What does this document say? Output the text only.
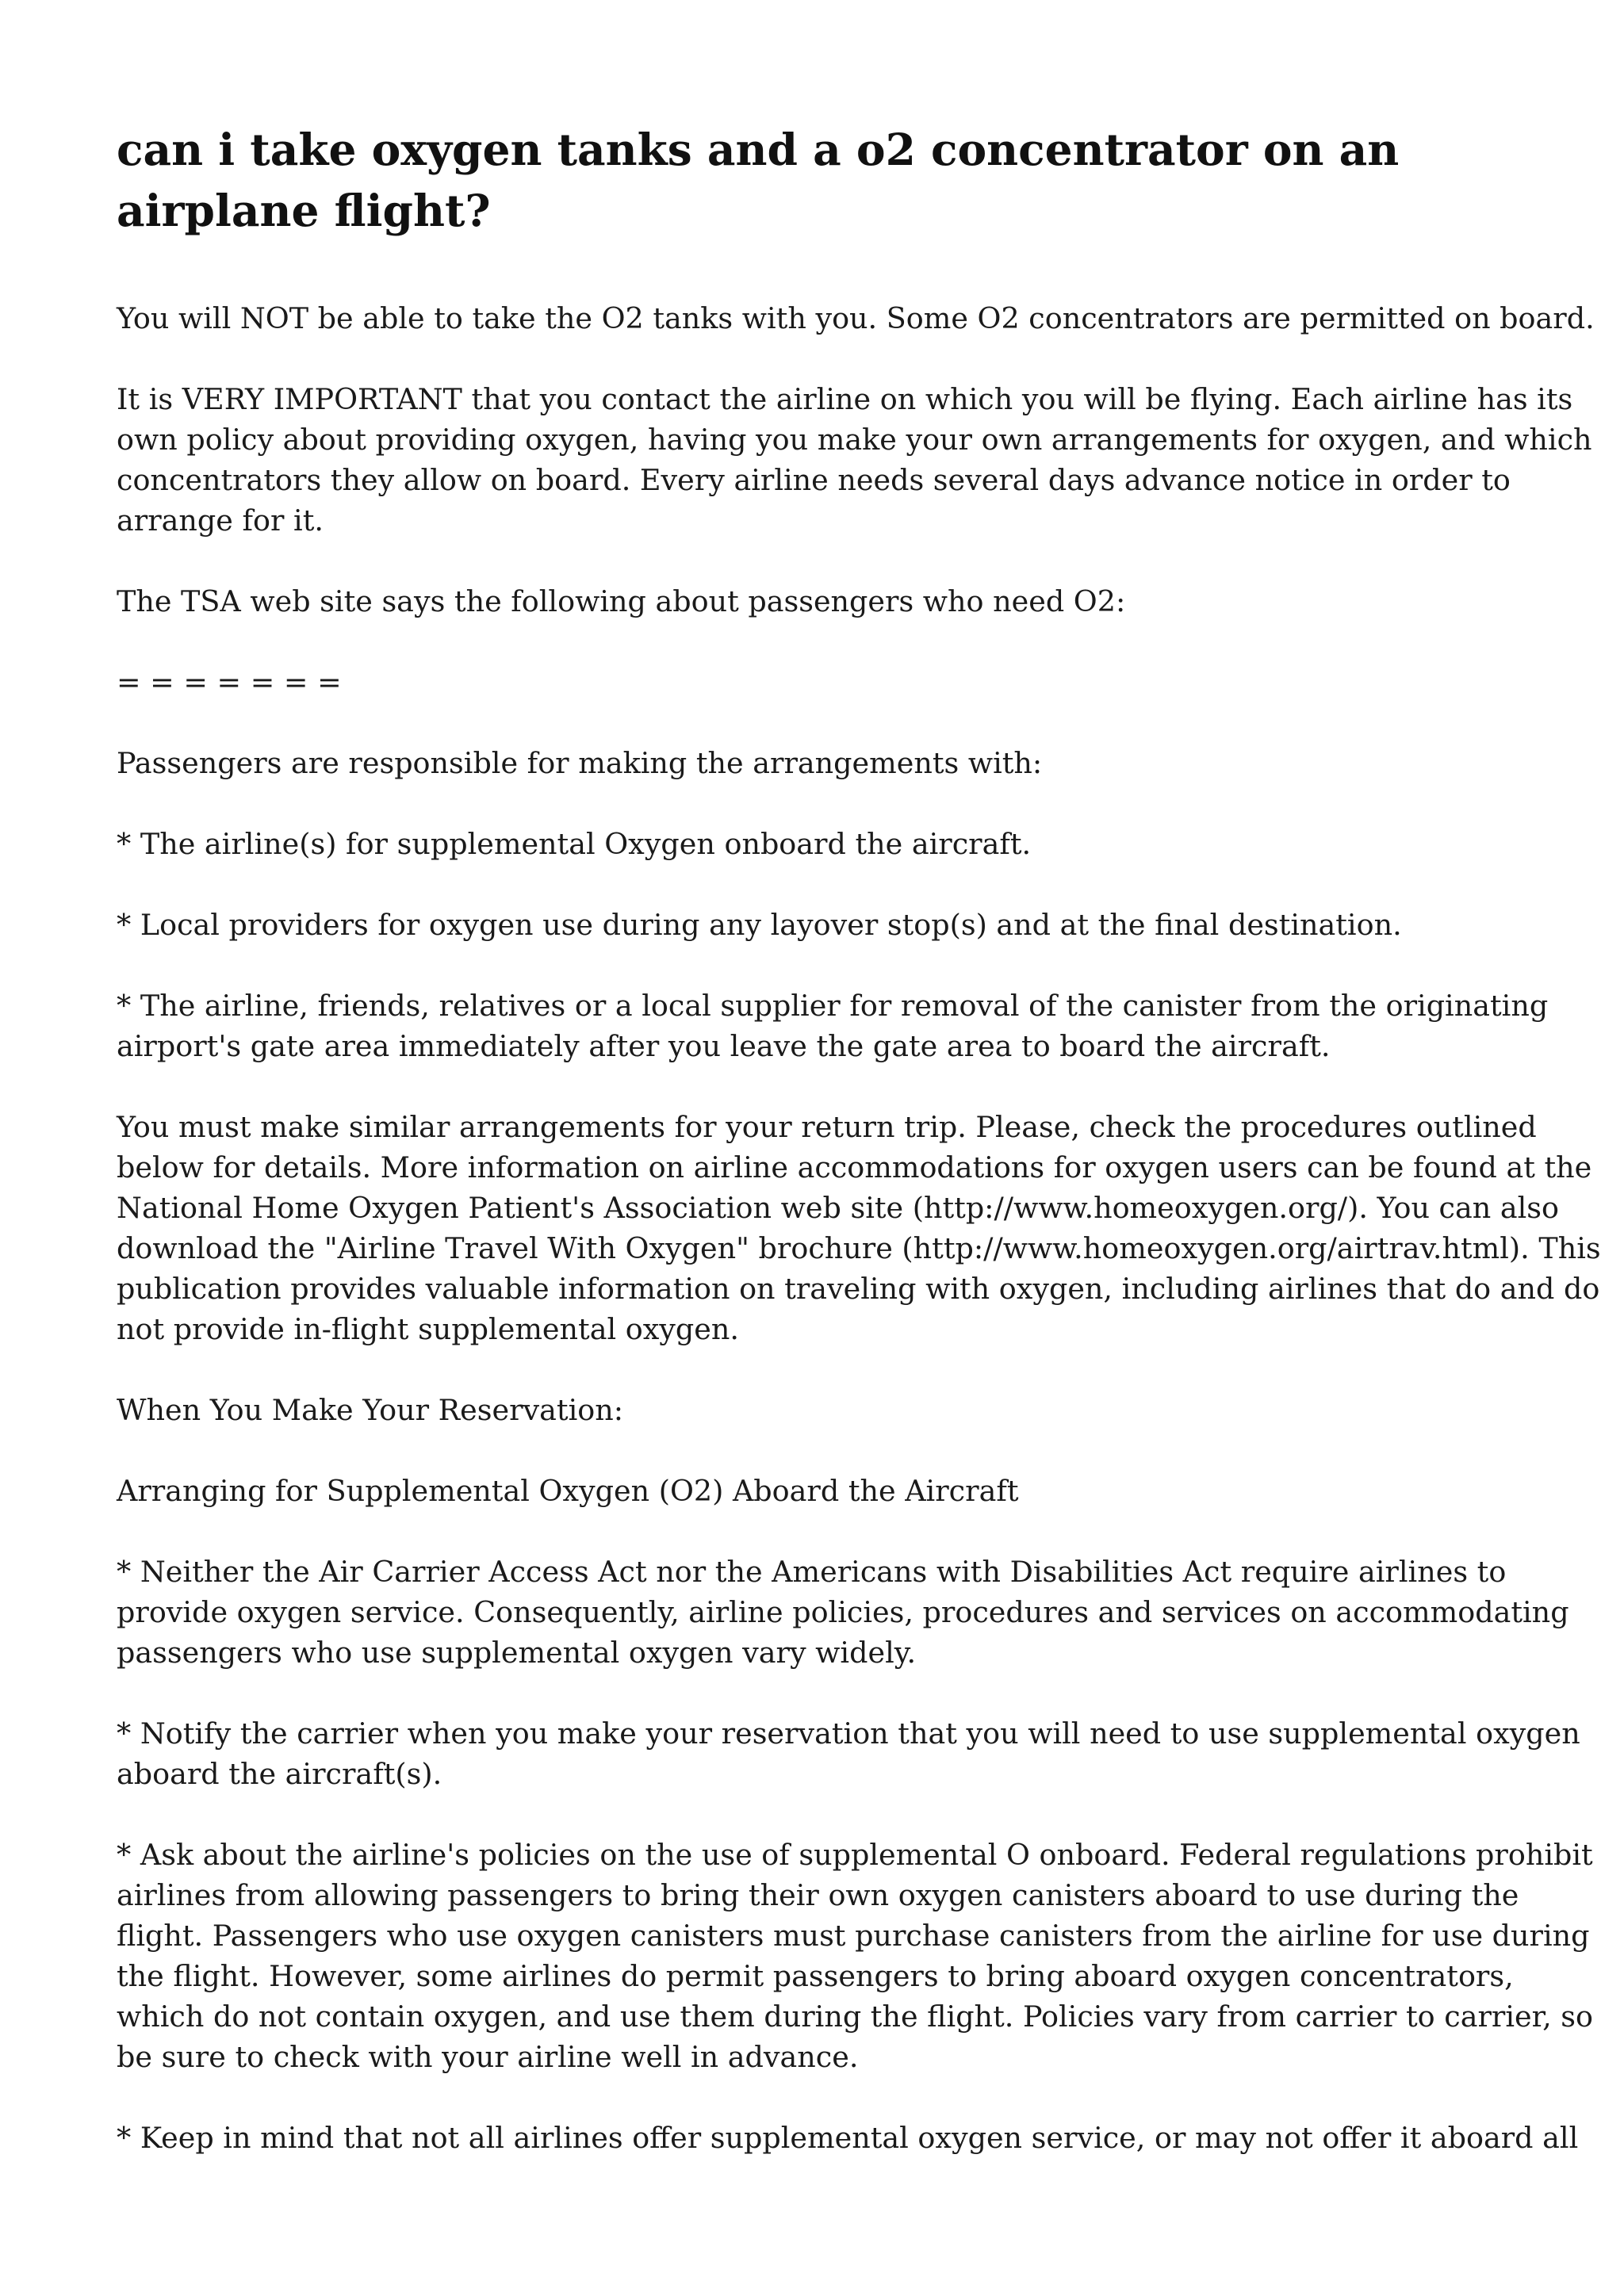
can i take oxygen tanks and a o2 concentrator on an
airplane flight?

You will NOT be able to take the O2 tanks with you. Some O2 concentrators are permitted on board.

It is VERY IMPORTANT that you contact the airline on which you will be flying. Each airline has its
own policy about providing oxygen, having you make your own arrangements for oxygen, and which
concentrators they allow on board. Every airline needs several days advance notice in order to
arrange for it.

The TSA web site says the following about passengers who need O2:

= = = = = = =

Passengers are responsible for making the arrangements with:

* The airline(s) for supplemental Oxygen onboard the aircraft.

* Local providers for oxygen use during any layover stop(s) and at the final destination.

* The airline, friends, relatives or a local supplier for removal of the canister from the originating
airport's gate area immediately after you leave the gate area to board the aircraft.

You must make similar arrangements for your return trip. Please, check the procedures outlined
below for details. More information on airline accommodations for oxygen users can be found at the
National Home Oxygen Patient's Association web site (http://www.homeoxygen.org/). You can also
download the "Airline Travel With Oxygen" brochure (http://www.homeoxygen.org/airtrav.html). This
publication provides valuable information on traveling with oxygen, including airlines that do and do
not provide in-flight supplemental oxygen.

When You Make Your Reservation:

Arranging for Supplemental Oxygen (O2) Aboard the Aircraft

* Neither the Air Carrier Access Act nor the Americans with Disabilities Act require airlines to
provide oxygen service. Consequently, airline policies, procedures and services on accommodating
passengers who use supplemental oxygen vary widely.

* Notify the carrier when you make your reservation that you will need to use supplemental oxygen
aboard the aircraft(s).

* Ask about the airline's policies on the use of supplemental O onboard. Federal regulations prohibit
airlines from allowing passengers to bring their own oxygen canisters aboard to use during the
flight. Passengers who use oxygen canisters must purchase canisters from the airline for use during
the flight. However, some airlines do permit passengers to bring aboard oxygen concentrators,
which do not contain oxygen, and use them during the flight. Policies vary from carrier to carrier, so
be sure to check with your airline well in advance.

* Keep in mind that not all airlines offer supplemental oxygen service, or may not offer it aboard all
